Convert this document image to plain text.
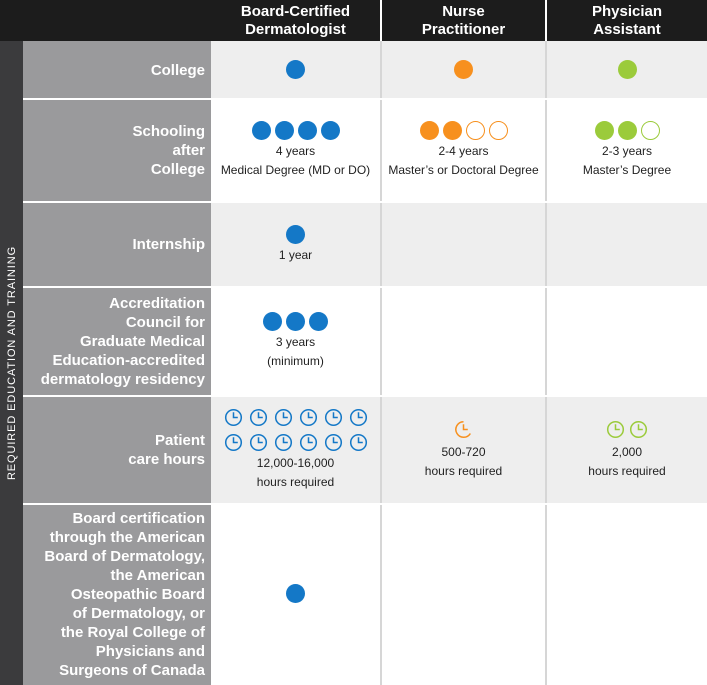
Board-Certified
Dermatologist
Nurse
Practitioner
Physician
Assistant
REQUIRED EDUCATION AND TRAINING
College
Schooling
after
College
Internship
Accreditation
Council for
Graduate Medical
Education-accredited
dermatology residency
Patient
care hours
Board certification
through the American
Board of Dermatology,
the American
Osteopathic Board
of Dermatology, or
the Royal College of
Physicians and
Surgeons of Canada
4 years
Medical Degree (MD or DO)
2-4 years
Master’s or Doctoral Degree
2-3 years
Master’s Degree
1 year
3 years
(minimum)
12,000-16,000
hours required
500-720
hours required
2,000
hours required
